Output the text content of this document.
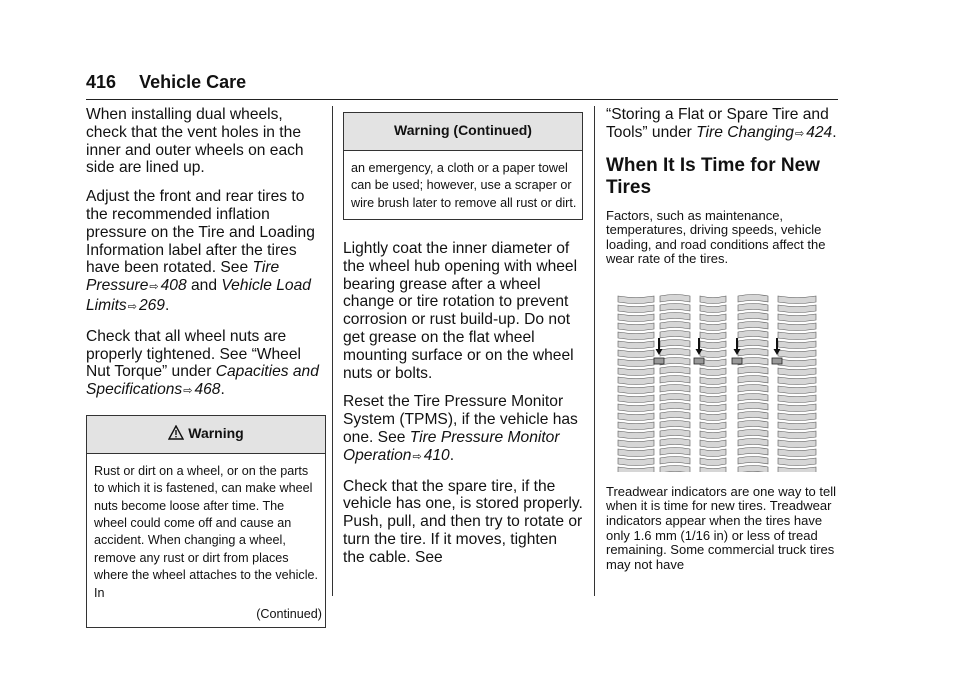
416 Vehicle Care

When installing dual wheels, check that the vent holes in the inner and outer wheels on each side are lined up.

Adjust the front and rear tires to the recommended inflation pressure on the Tire and Loading Information label after the tires have been rotated. See Tire Pressure⇨ 408 and Vehicle Load Limits⇨ 269.

Check that all wheel nuts are properly tightened. See “Wheel Nut Torque” under Capacities and Specifications⇨ 468.

Warning
Rust or dirt on a wheel, or on the parts to which it is fastened, can make wheel nuts become loose after time. The wheel could come off and cause an accident. When changing a wheel, remove any rust or dirt from places where the wheel attaches to the vehicle. In
(Continued)
Warning (Continued)
an emergency, a cloth or a paper towel can be used; however, use a scraper or wire brush later to remove all rust or dirt.

Lightly coat the inner diameter of the wheel hub opening with wheel bearing grease after a wheel change or tire rotation to prevent corrosion or rust build-up. Do not get grease on the flat wheel mounting surface or on the wheel nuts or bolts.

Reset the Tire Pressure Monitor System (TPMS), if the vehicle has one. See Tire Pressure Monitor Operation⇨ 410.

Check that the spare tire, if the vehicle has one, is stored properly. Push, pull, and then try to rotate or turn the tire. If it moves, tighten the cable. See

“Storing a Flat or Spare Tire and Tools” under Tire Changing⇨ 424.

When It Is Time for New Tires

Factors, such as maintenance, temperatures, driving speeds, vehicle loading, and road conditions affect the wear rate of the tires.

Treadwear indicators are one way to tell when it is time for new tires. Treadwear indicators appear when the tires have only 1.6 mm (1/16 in) or less of tread remaining. Some commercial truck tires may not have
